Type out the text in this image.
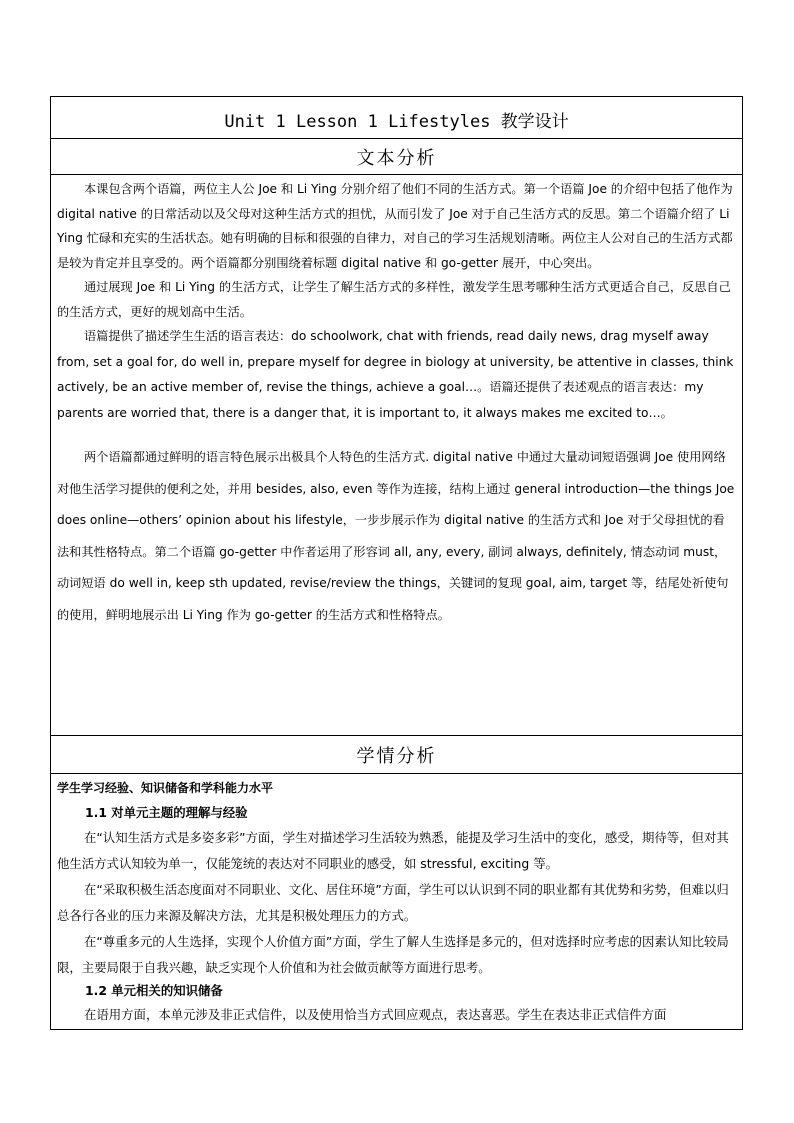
Unit 1 Lesson 1 Lifestyles 教学设计
文本分析

本课包含两个语篇，两位主人公 Joe 和 Li Ying 分别介绍了他们不同的生活方式。第一个语篇 Joe 的介绍中包括了他作为 digital native 的日常活动以及父母对这种生活方式的担忧，从而引发了 Joe 对于自己生活方式的反思。第二个语篇介绍了 Li Ying 忙碌和充实的生活状态。她有明确的目标和很强的自律力，对自己的学习生活规划清晰。两位主人公对自己的生活方式都是较为肯定并且享受的。两个语篇都分别围绕着标题 digital native 和 go-getter 展开，中心突出。

通过展现 Joe 和 Li Ying 的生活方式，让学生了解生活方式的多样性，激发学生思考哪种生活方式更适合自己，反思自己的生活方式，更好的规划高中生活。

语篇提供了描述学生生活的语言表达：do schoolwork, chat with friends, read daily news, drag myself away from, set a goal for, do well in, prepare myself for degree in biology at university, be attentive in classes, think actively, be an active member of, revise the things, achieve a goal…。语篇还提供了表述观点的语言表达：my parents are worried that, there is a danger that, it is important to, it always makes me excited to…。

两个语篇都通过鲜明的语言特色展示出极具个人特色的生活方式. digital native 中通过大量动词短语强调 Joe 使用网络对他生活学习提供的便利之处，并用 besides, also, even 等作为连接，结构上通过 general introduction—the things Joe does online—others’ opinion about his lifestyle，一步步展示作为 digital native 的生活方式和 Joe 对于父母担忧的看法和其性格特点。第二个语篇 go-getter 中作者运用了形容词 all, any, every, 副词 always, definitely, 情态动词 must，动词短语 do well in, keep sth updated, revise/review the things，关键词的复现 goal, aim, target 等，结尾处祈使句的使用，鲜明地展示出 Li Ying 作为 go-getter 的生活方式和性格特点。

学情分析
学生学习经验、知识储备和学科能力水平
1.1 对单元主题的理解与经验
在“认知生活方式是多姿多彩”方面，学生对描述学习生活较为熟悉，能提及学习生活中的变化，感受，期待等，但对其他生活方式认知较为单一，仅能笼统的表达对不同职业的感受，如 stressful, exciting 等。
在“采取积极生活态度面对不同职业、文化、居住环境”方面，学生可以认识到不同的职业都有其优势和劣势，但难以归总各行各业的压力来源及解决方法，尤其是积极处理压力的方式。
在“尊重多元的人生选择，实现个人价值方面”方面，学生了解人生选择是多元的，但对选择时应考虑的因素认知比较局限，主要局限于自我兴趣，缺乏实现个人价值和为社会做贡献等方面进行思考。
1.2 单元相关的知识储备
在语用方面，本单元涉及非正式信件，以及使用恰当方式回应观点，表达喜恶。学生在表达非正式信件方面
